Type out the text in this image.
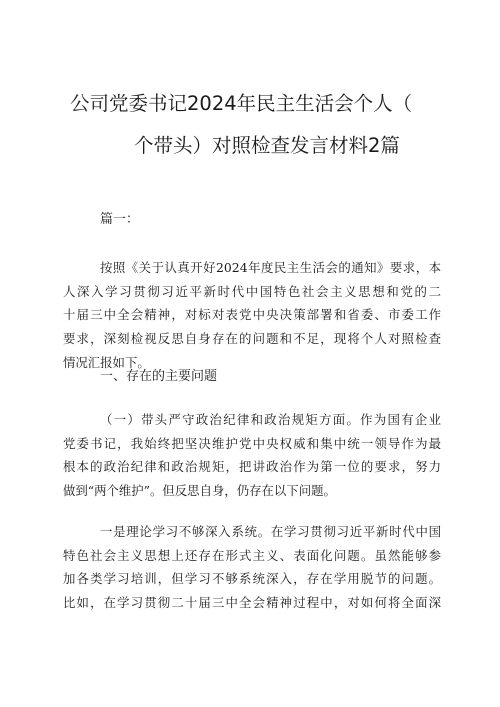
公司党委书记2024年民主生活会个人（
个带头）对照检查发言材料2篇
篇一：
按照《关于认真开好2024年度民主生活会的通知》要求，本
人深入学习贯彻习近平新时代中国特色社会主义思想和党的二
十届三中全会精神，对标对表党中央决策部署和省委、市委工作
要求，深刻检视反思自身存在的问题和不足，现将个人对照检查
情况汇报如下。
一、存在的主要问题
（一）带头严守政治纪律和政治规矩方面。作为国有企业
党委书记，我始终把坚决维护党中央权威和集中统一领导作为最
根本的政治纪律和政治规矩，把讲政治作为第一位的要求，努力
做到“两个维护”。但反思自身，仍存在以下问题。
一是理论学习不够深入系统。在学习贯彻习近平新时代中国
特色社会主义思想上还存在形式主义、表面化问题。虽然能够参
加各类学习培训，但学习不够系统深入，存在学用脱节的问题。
比如，在学习贯彻二十届三中全会精神过程中，对如何将全面深
